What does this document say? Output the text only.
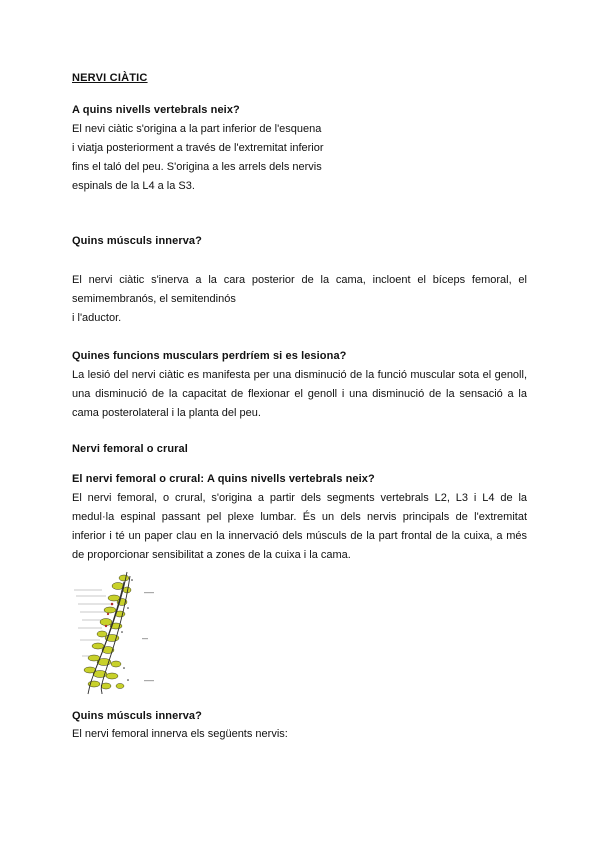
NERVI CIÀTIC
A quins nivells vertebrals neix?
El nevi ciàtic s'origina a la part inferior de l'esquena
i viatja posteriorment a través de l'extremitat inferior
fins el taló del peu. S'origina a les arrels dels nervis
espinals de la L4 a la S3.
Quins músculs innerva?
El nervi ciàtic s'inerva a la cara posterior de la cama, incloent el bíceps femoral, el
semimembranós, el semitendinós
i l'aductor.
Quines funcions musculars perdríem si es lesiona?
La lesió del nervi ciàtic es manifesta per una disminució de la funció muscular sota el genoll,
una disminució de la capacitat de flexionar el genoll i una disminució de la sensació a la
cama posterolateral i la planta del peu.
Nervi femoral o crural
El nervi femoral o crural: A quins nivells vertebrals neix?
El nervi femoral, o crural, s'origina a partir dels segments vertebrals L2, L3 i L4 de la
medul·la espinal passant pel plexe lumbar. És un dels nervis principals de l'extremitat
inferior i té un paper clau en la innervació dels músculs de la part frontal de la cuixa, a més
de proporcionar sensibilitat a zones de la cuixa i la cama.
Quins músculs innerva?
El nervi femoral innerva els següents nervis:
